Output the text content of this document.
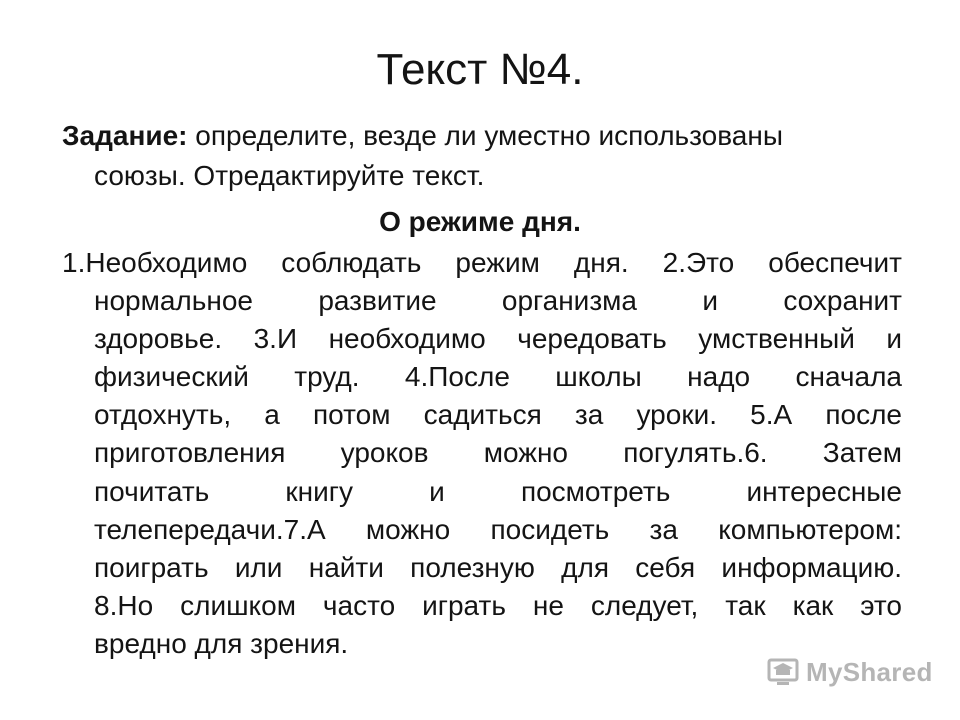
Текст №4.
Задание: определите, везде ли уместно использованы
союзы. Отредактируйте текст.
О режиме дня.
1.Необходимо соблюдать режим дня. 2.Это обеспечит
нормальное развитие организма и сохранит
здоровье. 3.И необходимо чередовать умственный и
физический труд. 4.После школы надо сначала
отдохнуть, а потом садиться за уроки. 5.А после
приготовления уроков можно погулять.6. Затем
почитать книгу и посмотреть интересные
телепередачи.7.А можно посидеть за компьютером:
поиграть или найти полезную для себя информацию.
8.Но слишком часто играть не следует, так как это
вредно для зрения.
MyShared
